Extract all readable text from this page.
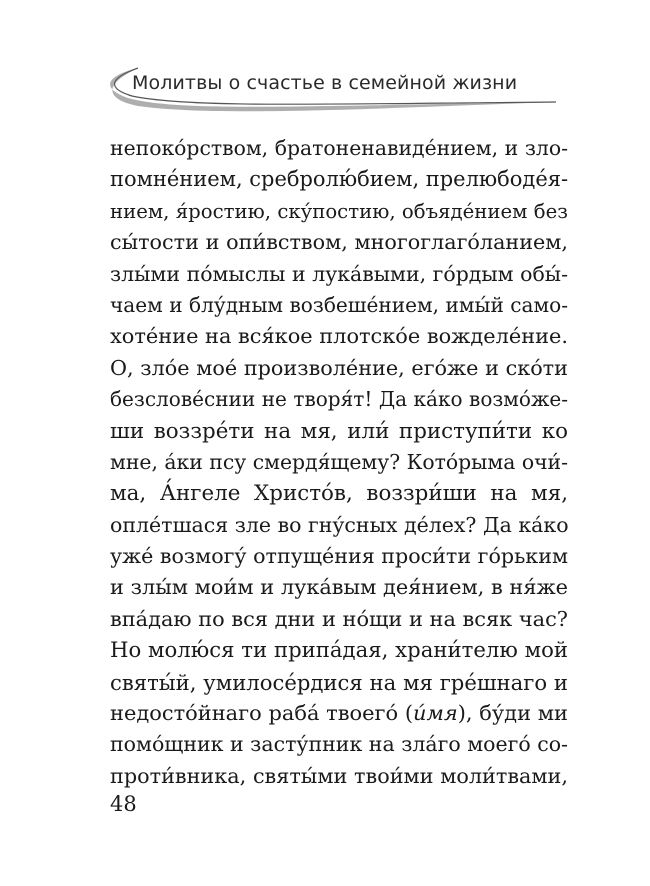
Молитвы о счастье в семейной жизни
непоко́рством, братоненавиде́нием, и зло-
помне́нием, сребролю́бием, прелюбоде́я-
нием, я́ростию, ску́постию, объяде́нием без
сы́тости и опи́вством, многоглаго́ланием,
злы́ми по́мыслы и лука́выми, го́рдым обы́-
чаем и блу́дным возбеше́нием, имы́й само-
хоте́ние на вся́кое плотско́е вожделе́ние.
О, зло́е мое́ произволе́ние, его́же и ско́ти
безслове́снии не творя́т! Да ка́ко возмо́же-
ши воззре́ти на мя, или́ приступи́ти ко
мне, а́ки псу смердя́щему? Кото́рыма очи́-
ма, А́нгеле Христо́в, воззри́ши на мя,
опле́тшася зле во гну́сных де́лех? Да ка́ко
уже́ возмогу́ отпуще́ния проси́ти го́рьким
и злы́м мои́м и лука́вым дея́нием, в ня́же
впа́даю по вся дни и но́щи и на всяк час?
Но молю́ся ти припа́дая, храни́телю мой
святы́й, умилосе́рдися на мя гре́шнаго и
недосто́йнаго раба́ твоего́ (и́мя), бу́ди ми
помо́щник и засту́пник на зла́го моего́ со-
проти́вника, святы́ми твои́ми моли́твами,
48
